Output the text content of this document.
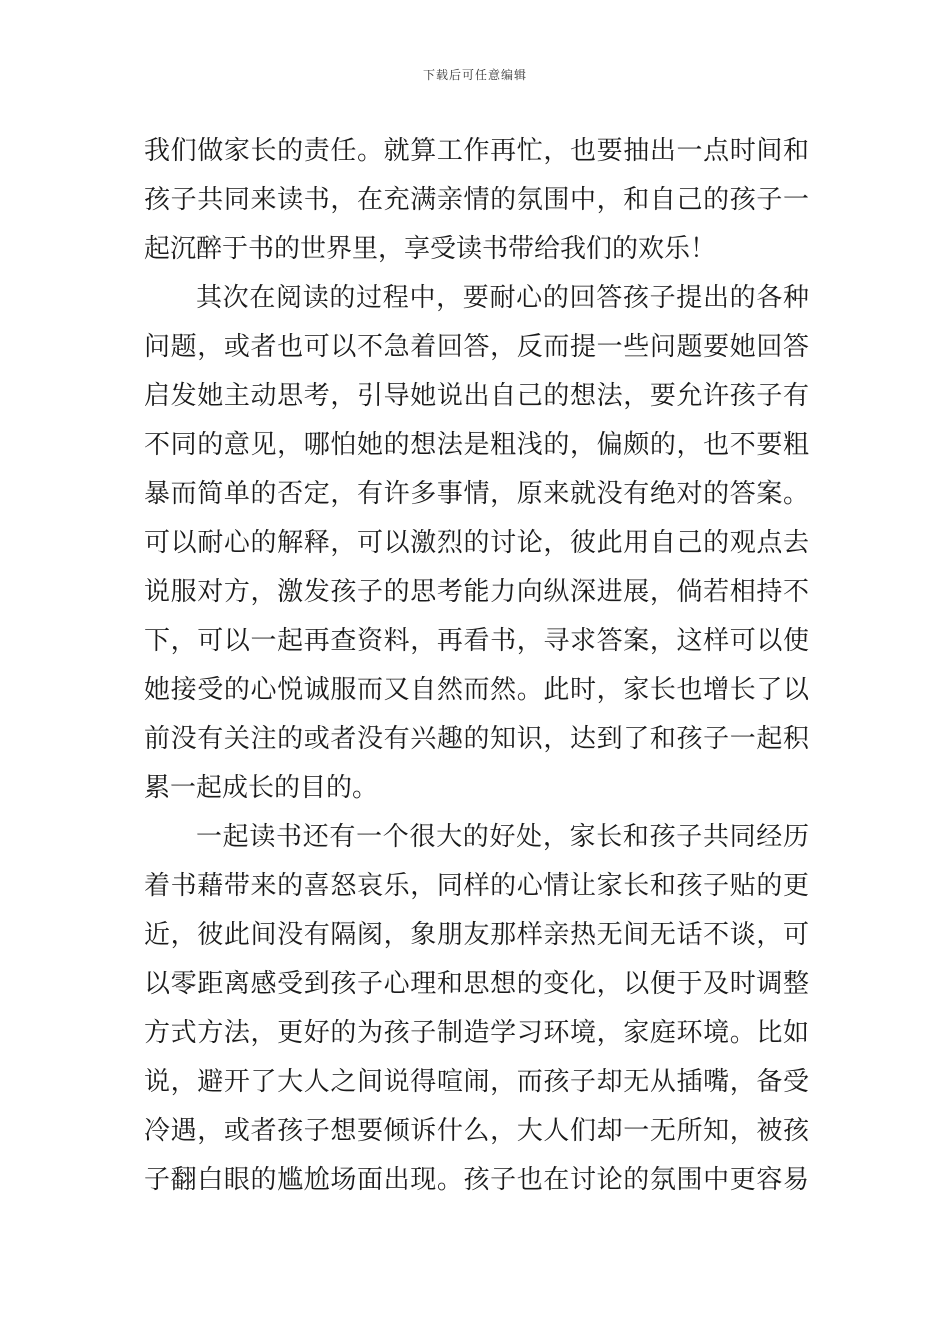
下载后可任意编辑
我们做家长的责任。就算工作再忙，也要抽出一点时间和
孩子共同来读书，在充满亲情的氛围中，和自己的孩子一
起沉醉于书的世界里，享受读书带给我们的欢乐！
其次在阅读的过程中，要耐心的回答孩子提出的各种
问题，或者也可以不急着回答，反而提一些问题要她回答
启发她主动思考，引导她说出自己的想法，要允许孩子有
不同的意见，哪怕她的想法是粗浅的，偏颇的，也不要粗
暴而简单的否定，有许多事情，原来就没有绝对的答案。
可以耐心的解释，可以激烈的讨论，彼此用自己的观点去
说服对方，激发孩子的思考能力向纵深进展，倘若相持不
下，可以一起再查资料，再看书，寻求答案，这样可以使
她接受的心悦诚服而又自然而然。此时，家长也增长了以
前没有关注的或者没有兴趣的知识，达到了和孩子一起积
累一起成长的目的。
一起读书还有一个很大的好处，家长和孩子共同经历
着书藉带来的喜怒哀乐，同样的心情让家长和孩子贴的更
近，彼此间没有隔阂，象朋友那样亲热无间无话不谈，可
以零距离感受到孩子心理和思想的变化，以便于及时调整
方式方法，更好的为孩子制造学习环境，家庭环境。比如
说，避开了大人之间说得喧闹，而孩子却无从插嘴，备受
冷遇，或者孩子想要倾诉什么，大人们却一无所知，被孩
子翻白眼的尴尬场面出现。孩子也在讨论的氛围中更容易
